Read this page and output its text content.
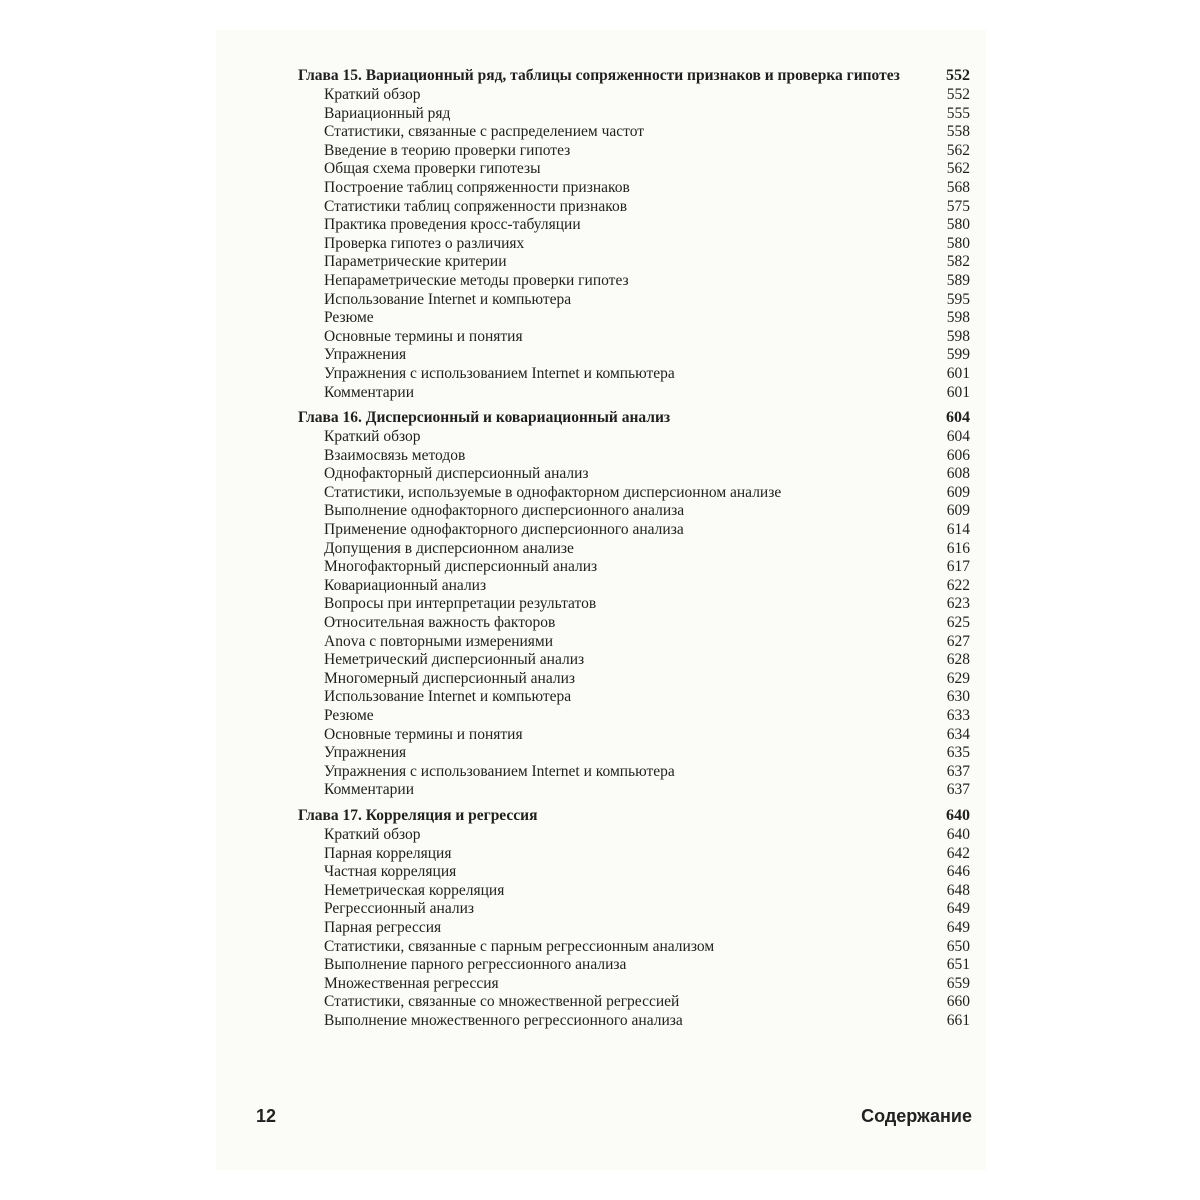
Глава 15. Вариационный ряд, таблицы сопряженности признаков и проверка гипотез	552
Краткий обзор	552
Вариационный ряд	555
Статистики, связанные с распределением частот	558
Введение в теорию проверки гипотез	562
Общая схема проверки гипотезы	562
Построение таблиц сопряженности признаков	568
Статистики таблиц сопряженности признаков	575
Практика проведения кросс-табуляции	580
Проверка гипотез о различиях	580
Параметрические критерии	582
Непараметрические методы проверки гипотез	589
Использование Internet и компьютера	595
Резюме	598
Основные термины и понятия	598
Упражнения	599
Упражнения с использованием Internet и компьютера	601
Комментарии	601
Глава 16. Дисперсионный и ковариационный анализ	604
Краткий обзор	604
Взаимосвязь методов	606
Однофакторный дисперсионный анализ	608
Статистики, используемые в однофакторном дисперсионном анализе	609
Выполнение однофакторного дисперсионного анализа	609
Применение однофакторного дисперсионного анализа	614
Допущения в дисперсионном анализе	616
Многофакторный дисперсионный анализ	617
Ковариационный анализ	622
Вопросы при интерпретации результатов	623
Относительная важность факторов	625
Anova с повторными измерениями	627
Неметрический дисперсионный анализ	628
Многомерный дисперсионный анализ	629
Использование Internet и компьютера	630
Резюме	633
Основные термины и понятия	634
Упражнения	635
Упражнения с использованием Internet и компьютера	637
Комментарии	637
Глава 17. Корреляция и регрессия	640
Краткий обзор	640
Парная корреляция	642
Частная корреляция	646
Неметрическая корреляция	648
Регрессионный анализ	649
Парная регрессия	649
Статистики, связанные с парным регрессионным анализом	650
Выполнение парного регрессионного анализа	651
Множественная регрессия	659
Статистики, связанные со множественной регрессией	660
Выполнение множественного регрессионного анализа	661
12	Содержание
